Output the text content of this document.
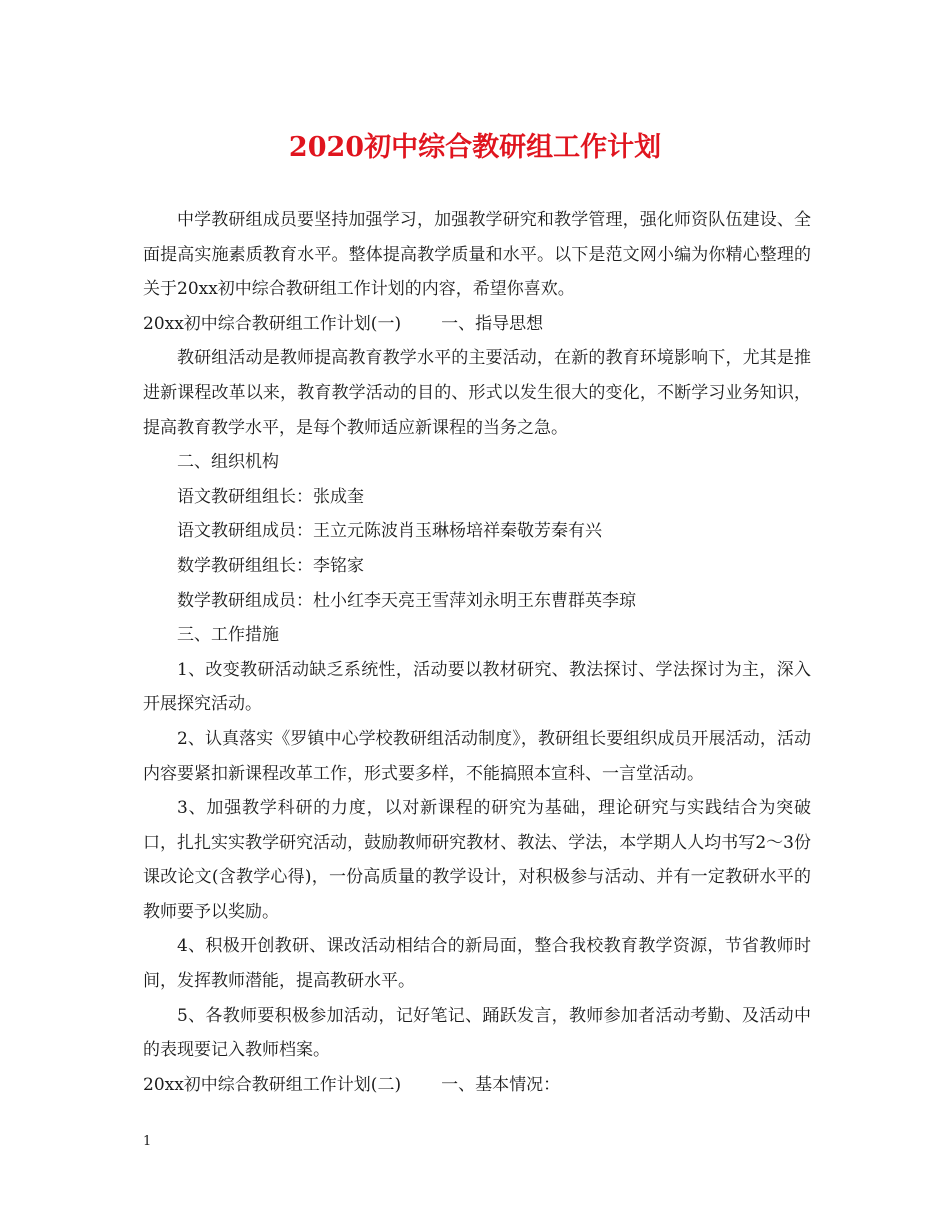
2020初中综合教研组工作计划

中学教研组成员要坚持加强学习，加强教学研究和教学管理，强化师资队伍建设、全面提高实施素质教育水平。整体提高教学质量和水平。以下是范文网小编为你精心整理的关于20xx初中综合教研组工作计划的内容，希望你喜欢。

20xx初中综合教研组工作计划(一) 一、指导思想

教研组活动是教师提高教育教学水平的主要活动，在新的教育环境影响下，尤其是推进新课程改革以来，教育教学活动的目的、形式以发生很大的变化，不断学习业务知识，提高教育教学水平，是每个教师适应新课程的当务之急。

二、组织机构

语文教研组组长：张成奎

语文教研组成员：王立元陈波肖玉琳杨培祥秦敬芳秦有兴

数学教研组组长：李铭家

数学教研组成员：杜小红李天亮王雪萍刘永明王东曹群英李琼

三、工作措施

1、改变教研活动缺乏系统性，活动要以教材研究、教法探讨、学法探讨为主，深入开展探究活动。

2、认真落实《罗镇中心学校教研组活动制度》，教研组长要组织成员开展活动，活动内容要紧扣新课程改革工作，形式要多样，不能搞照本宣科、一言堂活动。

3、加强教学科研的力度，以对新课程的研究为基础，理论研究与实践结合为突破口，扎扎实实教学研究活动，鼓励教师研究教材、教法、学法，本学期人人均书写2～3份课改论文(含教学心得)，一份高质量的教学设计，对积极参与活动、并有一定教研水平的教师要予以奖励。

4、积极开创教研、课改活动相结合的新局面，整合我校教育教学资源，节省教师时间，发挥教师潜能，提高教研水平。

5、各教师要积极参加活动，记好笔记、踊跃发言，教师参加者活动考勤、及活动中的表现要记入教师档案。

20xx初中综合教研组工作计划(二) 一、基本情况：

1
